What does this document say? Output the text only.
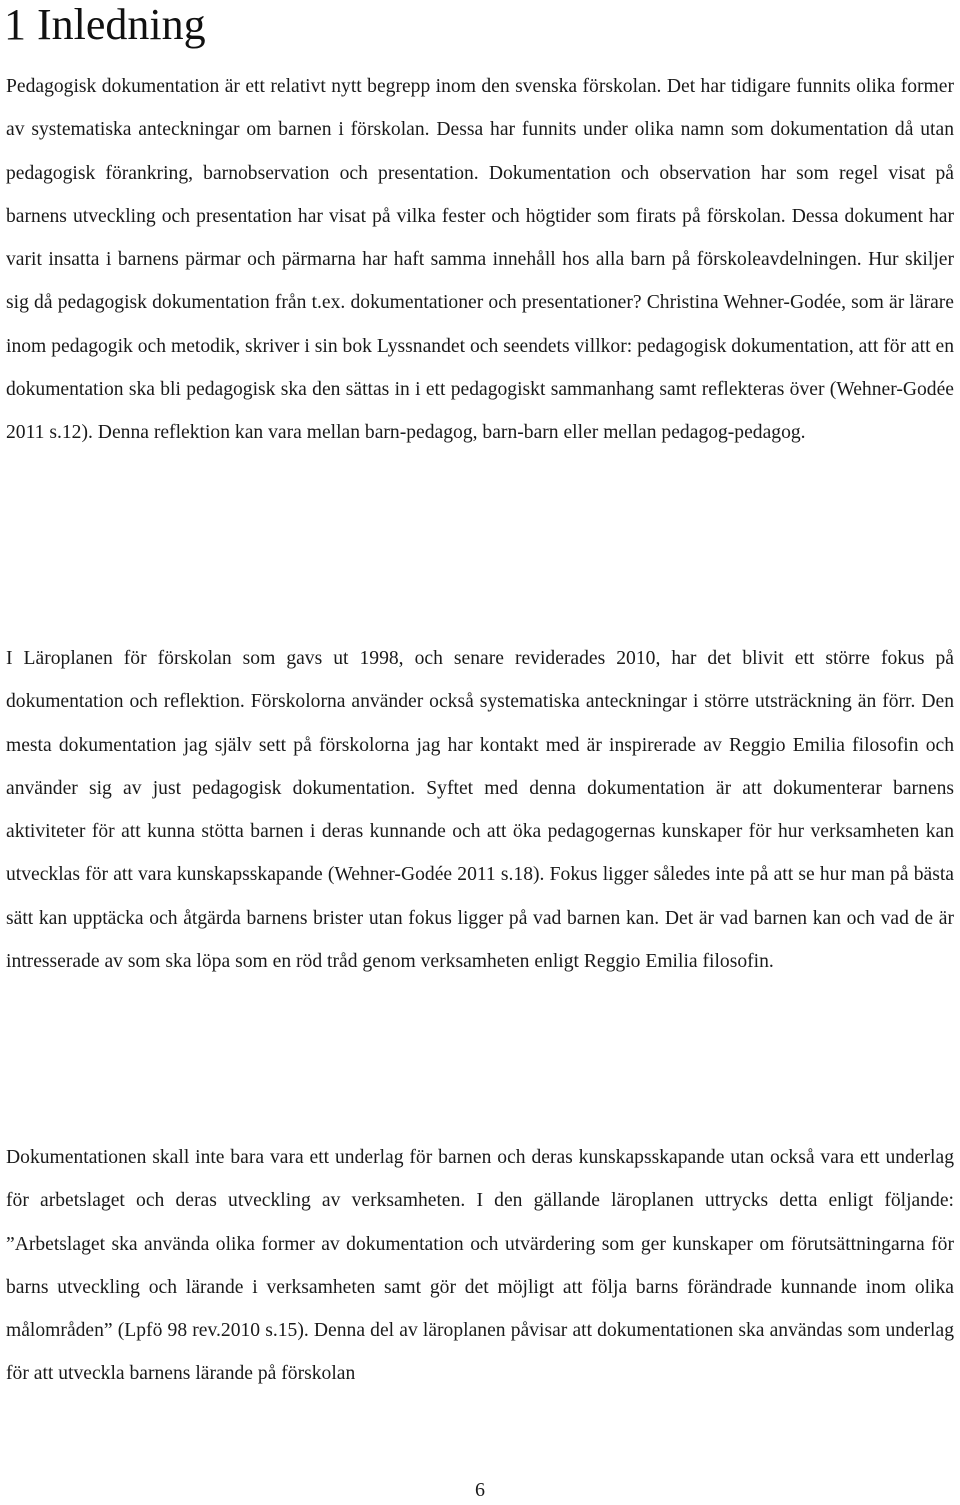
1 Inledning

Pedagogisk dokumentation är ett relativt nytt begrepp inom den svenska förskolan. Det har tidigare funnits olika former av systematiska anteckningar om barnen i förskolan. Dessa har funnits under olika namn som dokumentation då utan pedagogisk förankring, barnobservation och presentation. Dokumentation och observation har som regel visat på barnens utveckling och presentation har visat på vilka fester och högtider som firats på förskolan. Dessa dokument har varit insatta i barnens pärmar och pärmarna har haft samma innehåll hos alla barn på förskoleavdelningen. Hur skiljer sig då pedagogisk dokumentation från t.ex. dokumentationer och presentationer? Christina Wehner-Godée, som är lärare inom pedagogik och metodik, skriver i sin bok Lyssnandet och seendets villkor: pedagogisk dokumentation, att för att en dokumentation ska bli pedagogisk ska den sättas in i ett pedagogiskt sammanhang samt reflekteras över (Wehner-Godée 2011 s.12). Denna reflektion kan vara mellan barn-pedagog, barn-barn eller mellan pedagog-pedagog.

I Läroplanen för förskolan som gavs ut 1998, och senare reviderades 2010, har det blivit ett större fokus på dokumentation och reflektion. Förskolorna använder också systematiska anteckningar i större utsträckning än förr. Den mesta dokumentation jag själv sett på förskolorna jag har kontakt med är inspirerade av Reggio Emilia filosofin och använder sig av just pedagogisk dokumentation. Syftet med denna dokumentation är att dokumenterar barnens aktiviteter för att kunna stötta barnen i deras kunnande och att öka pedagogernas kunskaper för hur verksamheten kan utvecklas för att vara kunskapsskapande (Wehner-Godée 2011 s.18). Fokus ligger således inte på att se hur man på bästa sätt kan upptäcka och åtgärda barnens brister utan fokus ligger på vad barnen kan. Det är vad barnen kan och vad de är intresserade av som ska löpa som en röd tråd genom verksamheten enligt Reggio Emilia filosofin.

Dokumentationen skall inte bara vara ett underlag för barnen och deras kunskapsskapande utan också vara ett underlag för arbetslaget och deras utveckling av verksamheten. I den gällande läroplanen uttrycks detta enligt följande: ”Arbetslaget ska använda olika former av dokumentation och utvärdering som ger kunskaper om förutsättningarna för barns utveckling och lärande i verksamheten samt gör det möjligt att följa barns förändrade kunnande inom olika målområden” (Lpfö 98 rev.2010 s.15). Denna del av läroplanen påvisar att dokumentationen ska användas som underlag för att utveckla barnens lärande på förskolan

6
